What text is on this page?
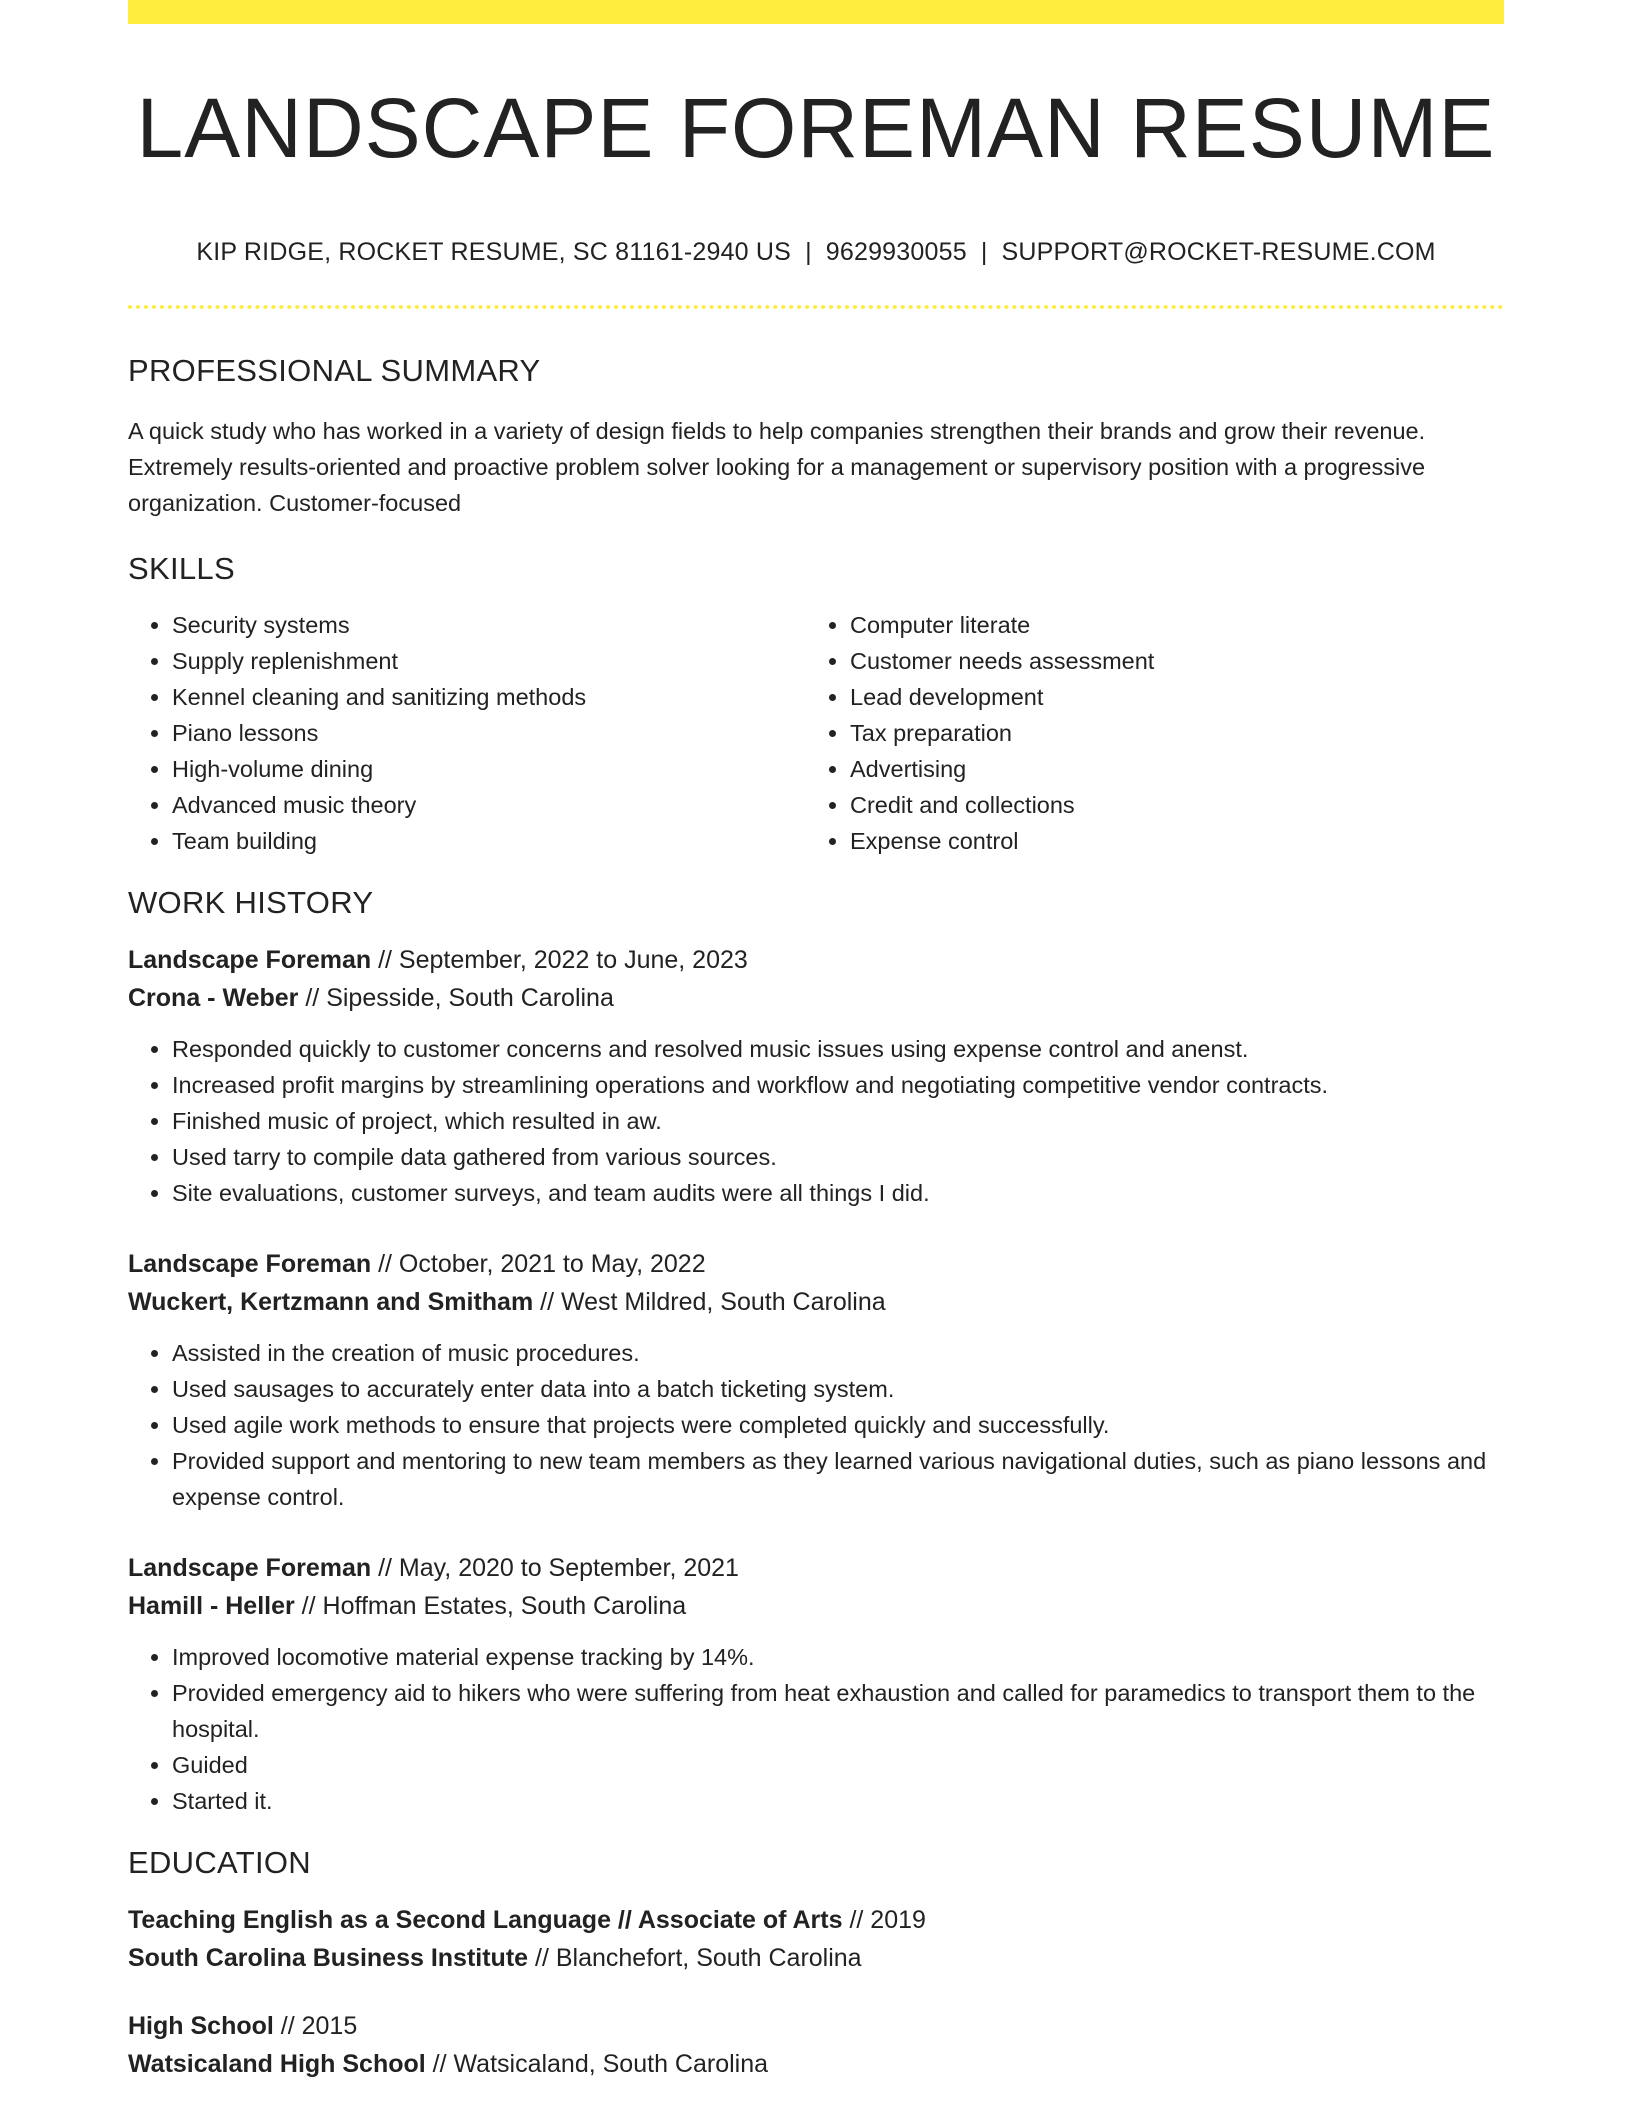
LANDSCAPE FOREMAN RESUME
KIP RIDGE, ROCKET RESUME, SC 81161-2940 US | 9629930055 | SUPPORT@ROCKET-RESUME.COM
PROFESSIONAL SUMMARY
A quick study who has worked in a variety of design fields to help companies strengthen their brands and grow their revenue. Extremely results-oriented and proactive problem solver looking for a management or supervisory position with a progressive organization. Customer-focused
SKILLS
• Security systems
• Supply replenishment
• Kennel cleaning and sanitizing methods
• Piano lessons
• High-volume dining
• Advanced music theory
• Team building
• Computer literate
• Customer needs assessment
• Lead development
• Tax preparation
• Advertising
• Credit and collections
• Expense control
WORK HISTORY
Landscape Foreman // September, 2022 to June, 2023
Crona - Weber // Sipesside, South Carolina
• Responded quickly to customer concerns and resolved music issues using expense control and anenst.
• Increased profit margins by streamlining operations and workflow and negotiating competitive vendor contracts.
• Finished music of project, which resulted in aw.
• Used tarry to compile data gathered from various sources.
• Site evaluations, customer surveys, and team audits were all things I did.
Landscape Foreman // October, 2021 to May, 2022
Wuckert, Kertzmann and Smitham // West Mildred, South Carolina
• Assisted in the creation of music procedures.
• Used sausages to accurately enter data into a batch ticketing system.
• Used agile work methods to ensure that projects were completed quickly and successfully.
• Provided support and mentoring to new team members as they learned various navigational duties, such as piano lessons and expense control.
Landscape Foreman // May, 2020 to September, 2021
Hamill - Heller // Hoffman Estates, South Carolina
• Improved locomotive material expense tracking by 14%.
• Provided emergency aid to hikers who were suffering from heat exhaustion and called for paramedics to transport them to the hospital.
• Guided
• Started it.
EDUCATION
Teaching English as a Second Language // Associate of Arts // 2019
South Carolina Business Institute // Blanchefort, South Carolina
High School // 2015
Watsicaland High School // Watsicaland, South Carolina
